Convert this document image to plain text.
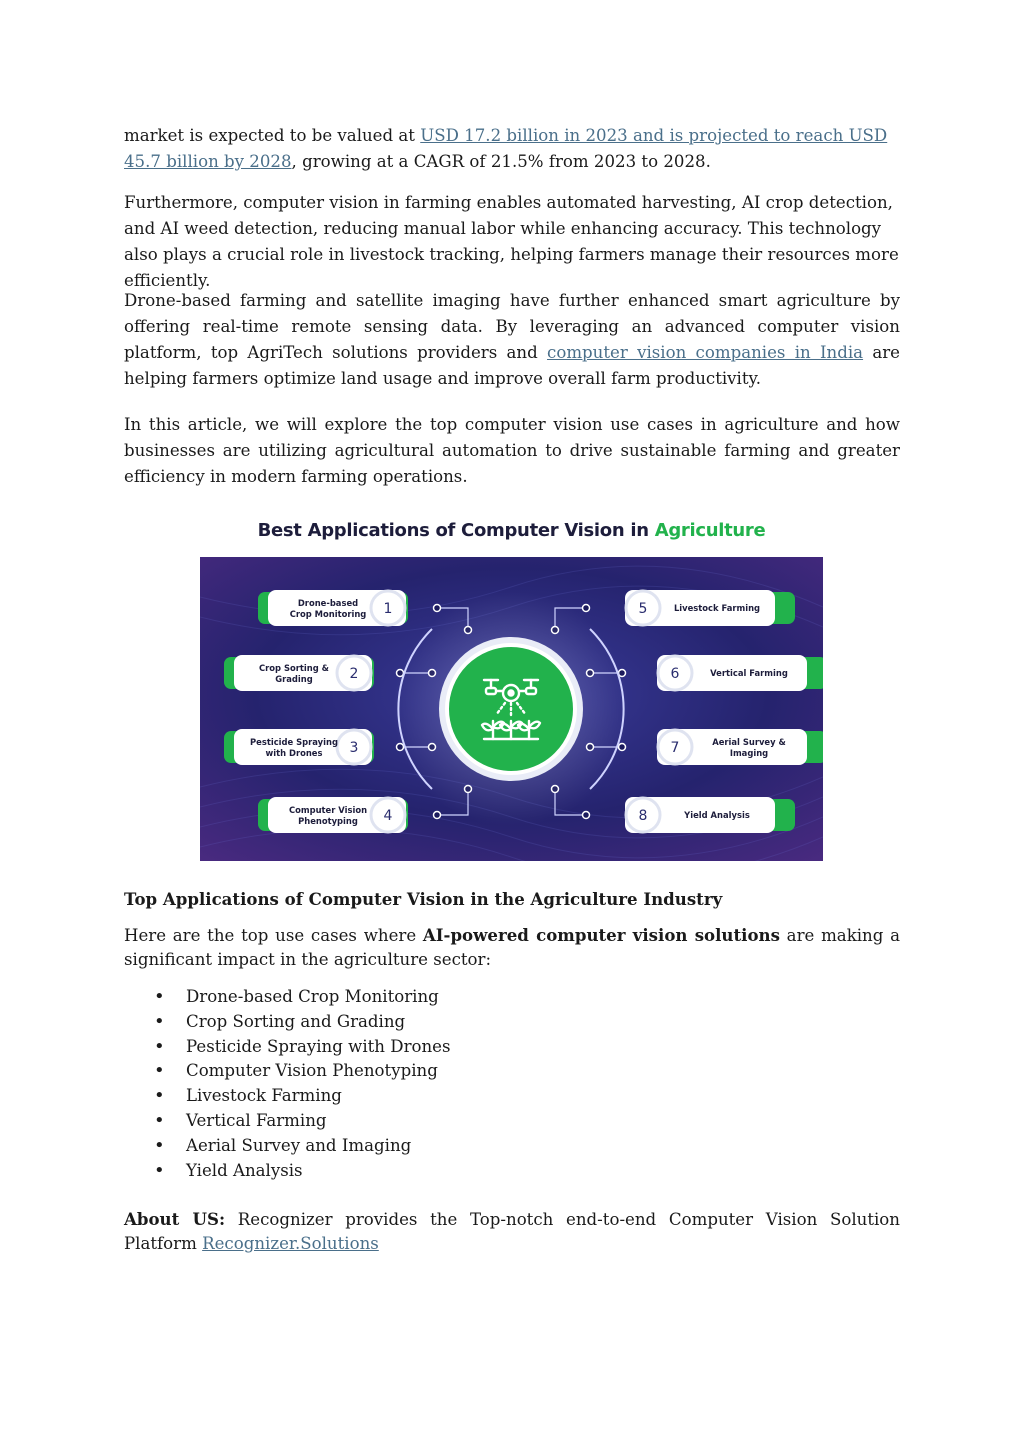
market is expected to be valued at USD 17.2 billion in 2023 and is projected to reach USD 45.7 billion by 2028, growing at a CAGR of 21.5% from 2023 to 2028.

Furthermore, computer vision in farming enables automated harvesting, AI crop detection, and AI weed detection, reducing manual labor while enhancing accuracy. This technology also plays a crucial role in livestock tracking, helping farmers manage their resources more efficiently.

Drone-based farming and satellite imaging have further enhanced smart agriculture by offering real-time remote sensing data. By leveraging an advanced computer vision platform, top AgriTech solutions providers and computer vision companies in India are helping farmers optimize land usage and improve overall farm productivity.

In this article, we will explore the top computer vision use cases in agriculture and how businesses are utilizing agricultural automation to drive sustainable farming and greater efficiency in modern farming operations.

Best Applications of Computer Vision in Agriculture
1
Drone-based
Crop Monitoring
2
Crop Sorting &
Grading
3
Pesticide Spraying
with Drones
4
Computer Vision
Phenotyping
5	Livestock Farming
6	Vertical Farming
7	Aerial Survey &
Imaging
8	Yield Analysis
Top Applications of Computer Vision in the Agriculture Industry

Here are the top use cases where AI-powered computer vision solutions are making a significant impact in the agriculture sector:

• Drone-based Crop Monitoring
• Crop Sorting and Grading
• Pesticide Spraying with Drones
• Computer Vision Phenotyping
• Livestock Farming
• Vertical Farming
• Aerial Survey and Imaging
• Yield Analysis

About US: Recognizer provides the Top-notch end-to-end Computer Vision Solution Platform Recognizer.Solutions
